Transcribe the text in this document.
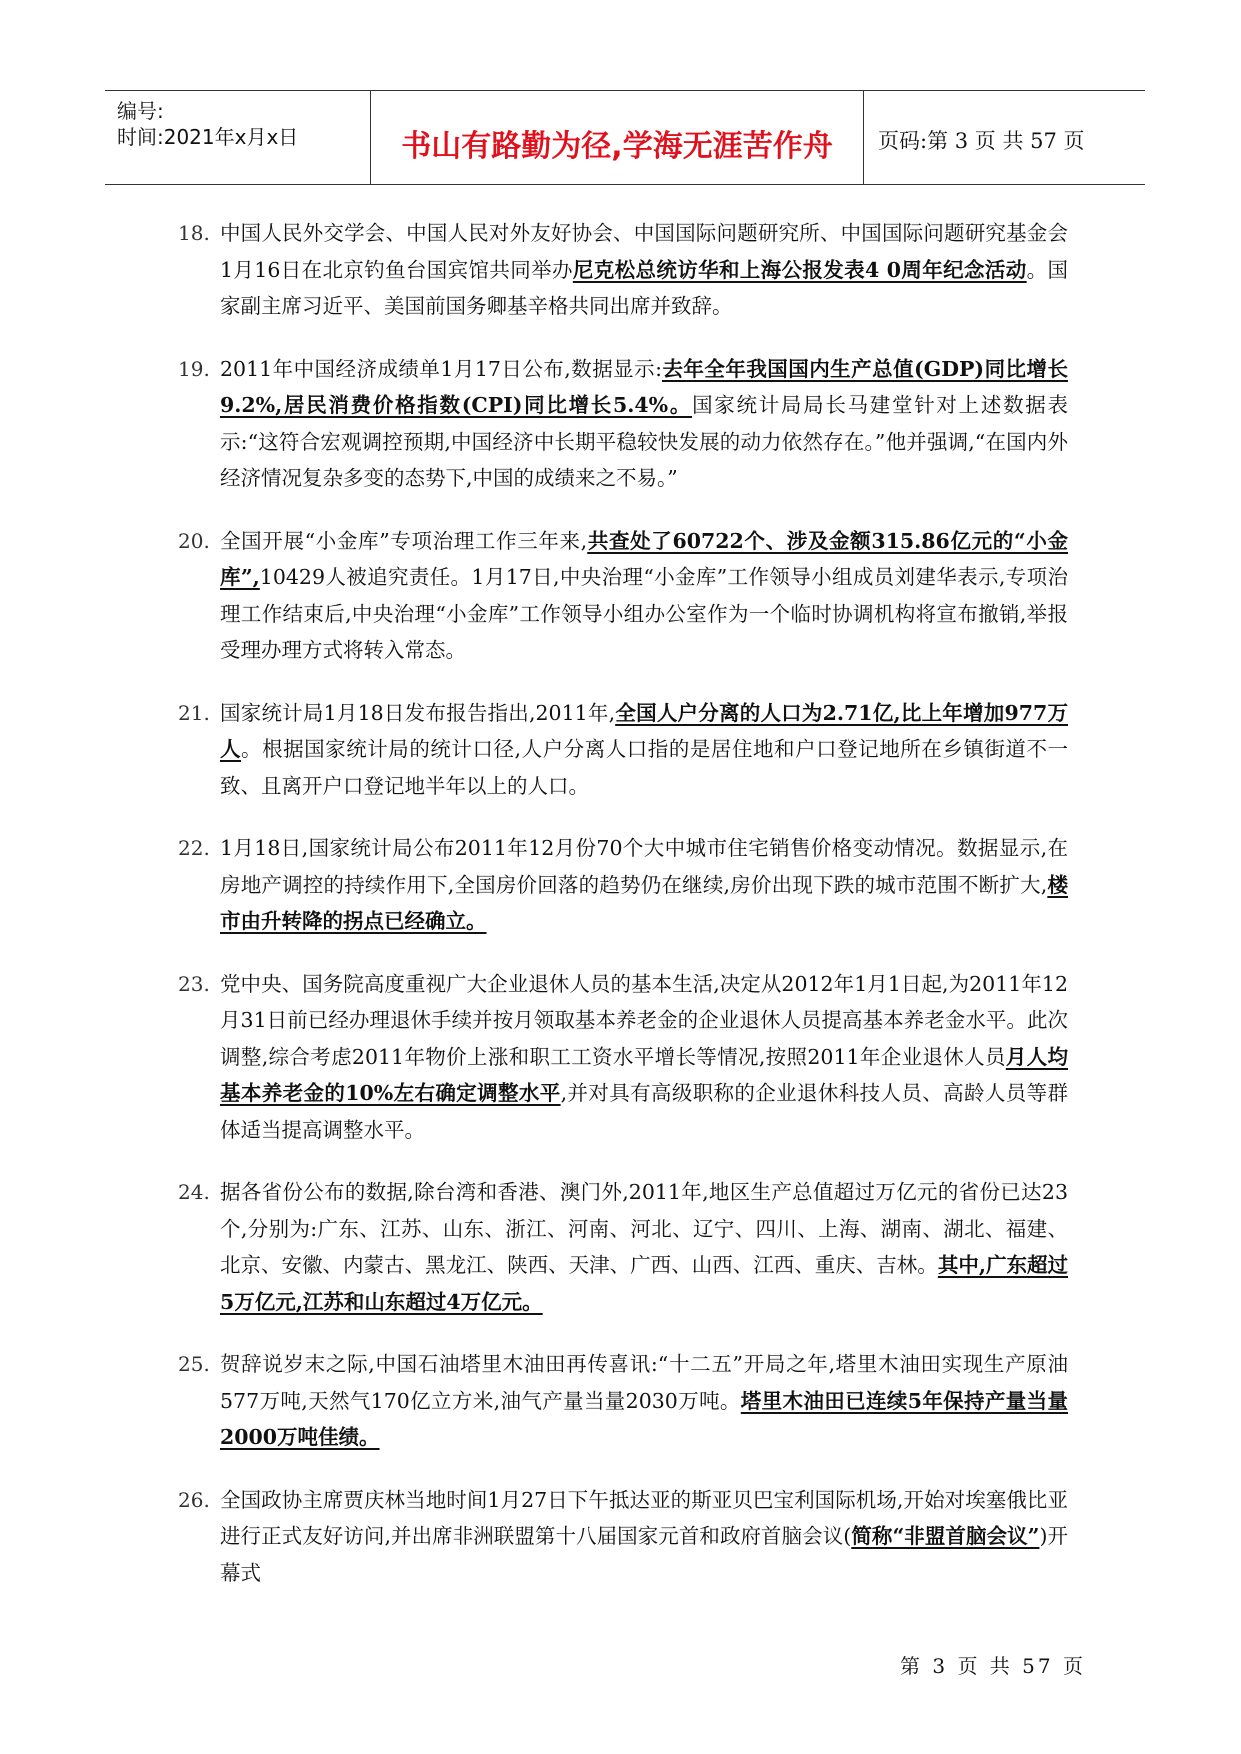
编号:
时间:2021年x月x日	书山有路勤为径,学海无涯苦作舟	页码:第 3 页 共 57 页
18. 中国人民外交学会、中国人民对外友好协会、中国国际问题研究所、中国国际问题研究基金会1月16日在北京钓鱼台国宾馆共同举办尼克松总统访华和上海公报发表4 0周年纪念活动。国家副主席习近平、美国前国务卿基辛格共同出席并致辞。
19. 2011年中国经济成绩单1月17日公布,数据显示:去年全年我国国内生产总值(GDP)同比增长9.2%,居民消费价格指数(CPI)同比增长5.4%。国家统计局局长马建堂针对上述数据表示:“这符合宏观调控预期,中国经济中长期平稳较快发展的动力依然存在。”他并强调,“在国内外经济情况复杂多变的态势下,中国的成绩来之不易。”
20. 全国开展“小金库”专项治理工作三年来,共查处了60722个、涉及金额315.86亿元的“小金库”,10429人被追究责任。1月17日,中央治理“小金库”工作领导小组成员刘建华表示,专项治理工作结束后,中央治理“小金库”工作领导小组办公室作为一个临时协调机构将宣布撤销,举报受理办理方式将转入常态。
21. 国家统计局1月18日发布报告指出,2011年,全国人户分离的人口为2.71亿,比上年增加977万人。根据国家统计局的统计口径,人户分离人口指的是居住地和户口登记地所在乡镇街道不一致、且离开户口登记地半年以上的人口。
22. 1月18日,国家统计局公布2011年12月份70个大中城市住宅销售价格变动情况。数据显示,在房地产调控的持续作用下,全国房价回落的趋势仍在继续,房价出现下跌的城市范围不断扩大,楼市由升转降的拐点已经确立。
23. 党中央、国务院高度重视广大企业退休人员的基本生活,决定从2012年1月1日起,为2011年12月31日前已经办理退休手续并按月领取基本养老金的企业退休人员提高基本养老金水平。此次调整,综合考虑2011年物价上涨和职工工资水平增长等情况,按照2011年企业退休人员月人均基本养老金的10%左右确定调整水平,并对具有高级职称的企业退休科技人员、高龄人员等群体适当提高调整水平。
24. 据各省份公布的数据,除台湾和香港、澳门外,2011年,地区生产总值超过万亿元的省份已达23个,分别为:广东、江苏、山东、浙江、河南、河北、辽宁、四川、上海、湖南、湖北、福建、北京、安徽、内蒙古、黑龙江、陕西、天津、广西、山西、江西、重庆、吉林。其中,广东超过5万亿元,江苏和山东超过4万亿元。
25. 贺辞说岁末之际,中国石油塔里木油田再传喜讯:“十二五”开局之年,塔里木油田实现生产原油577万吨,天然气170亿立方米,油气产量当量2030万吨。塔里木油田已连续5年保持产量当量2000万吨佳绩。
26. 全国政协主席贾庆林当地时间1月27日下午抵达亚的斯亚贝巴宝利国际机场,开始对埃塞俄比亚进行正式友好访问,并出席非洲联盟第十八届国家元首和政府首脑会议(简称“非盟首脑会议”)开幕式
第 3 页 共 57 页
